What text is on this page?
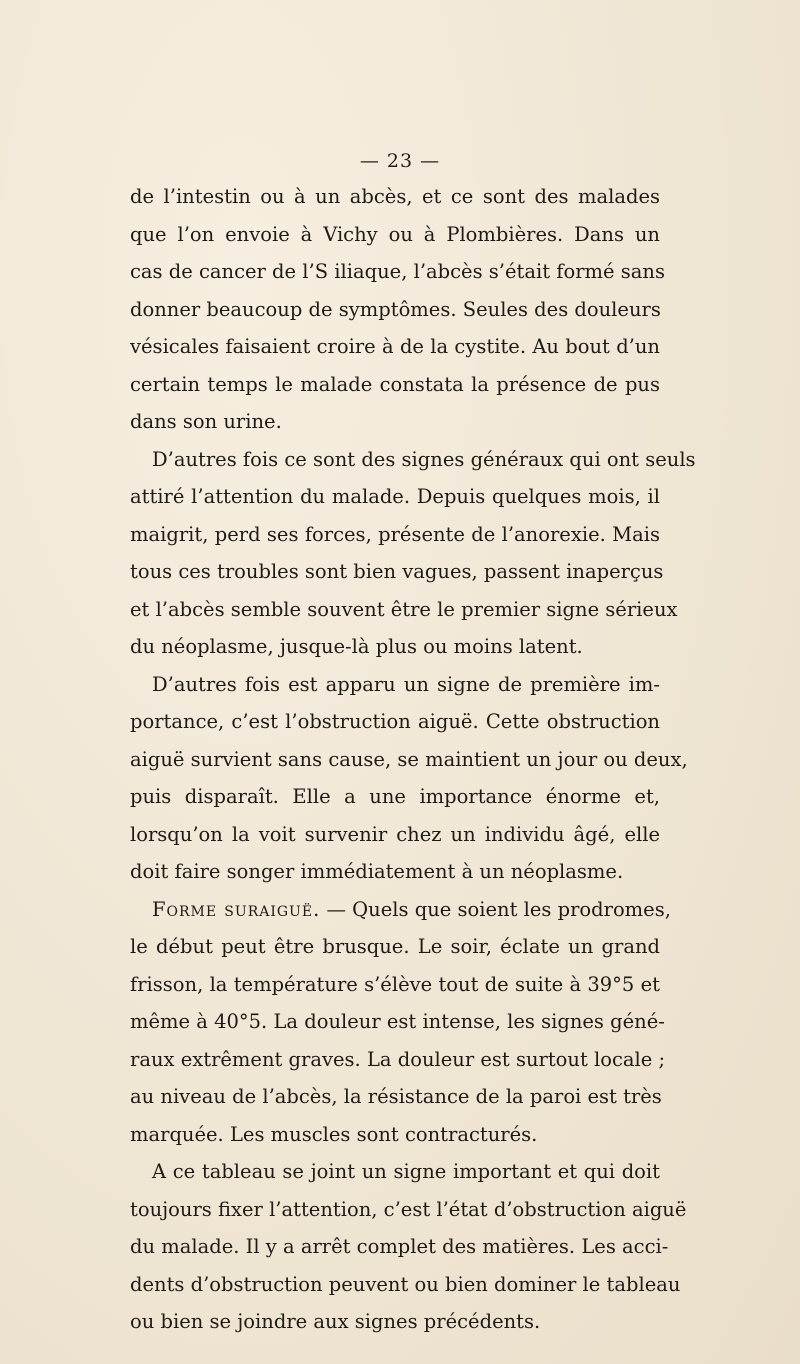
— 23 —
de l’intestin ou à un abcès, et ce sont des malades
que l’on envoie à Vichy ou à Plombières. Dans un
cas de cancer de l’S iliaque, l’abcès s’était formé sans
donner beaucoup de symptômes. Seules des douleurs
vésicales faisaient croire à de la cystite. Au bout d’un
certain temps le malade constata la présence de pus
dans son urine.
D’autres fois ce sont des signes généraux qui ont seuls
attiré l’attention du malade. Depuis quelques mois, il
maigrit, perd ses forces, présente de l’anorexie. Mais
tous ces troubles sont bien vagues, passent inaperçus
et l’abcès semble souvent être le premier signe sérieux
du néoplasme, jusque-là plus ou moins latent.
D’autres fois est apparu un signe de première im-
portance, c’est l’obstruction aiguë. Cette obstruction
aiguë survient sans cause, se maintient un jour ou deux,
puis disparaît. Elle a une importance énorme et,
lorsqu’on la voit survenir chez un individu âgé, elle
doit faire songer immédiatement à un néoplasme.
Forme suraiguë. — Quels que soient les prodromes,
le début peut être brusque. Le soir, éclate un grand
frisson, la température s’élève tout de suite à 39°5 et
même à 40°5. La douleur est intense, les signes géné-
raux extrêment graves. La douleur est surtout locale ;
au niveau de l’abcès, la résistance de la paroi est très
marquée. Les muscles sont contracturés.
A ce tableau se joint un signe important et qui doit
toujours fixer l’attention, c’est l’état d’obstruction aiguë
du malade. Il y a arrêt complet des matières. Les acci-
dents d’obstruction peuvent ou bien dominer le tableau
ou bien se joindre aux signes précédents.
